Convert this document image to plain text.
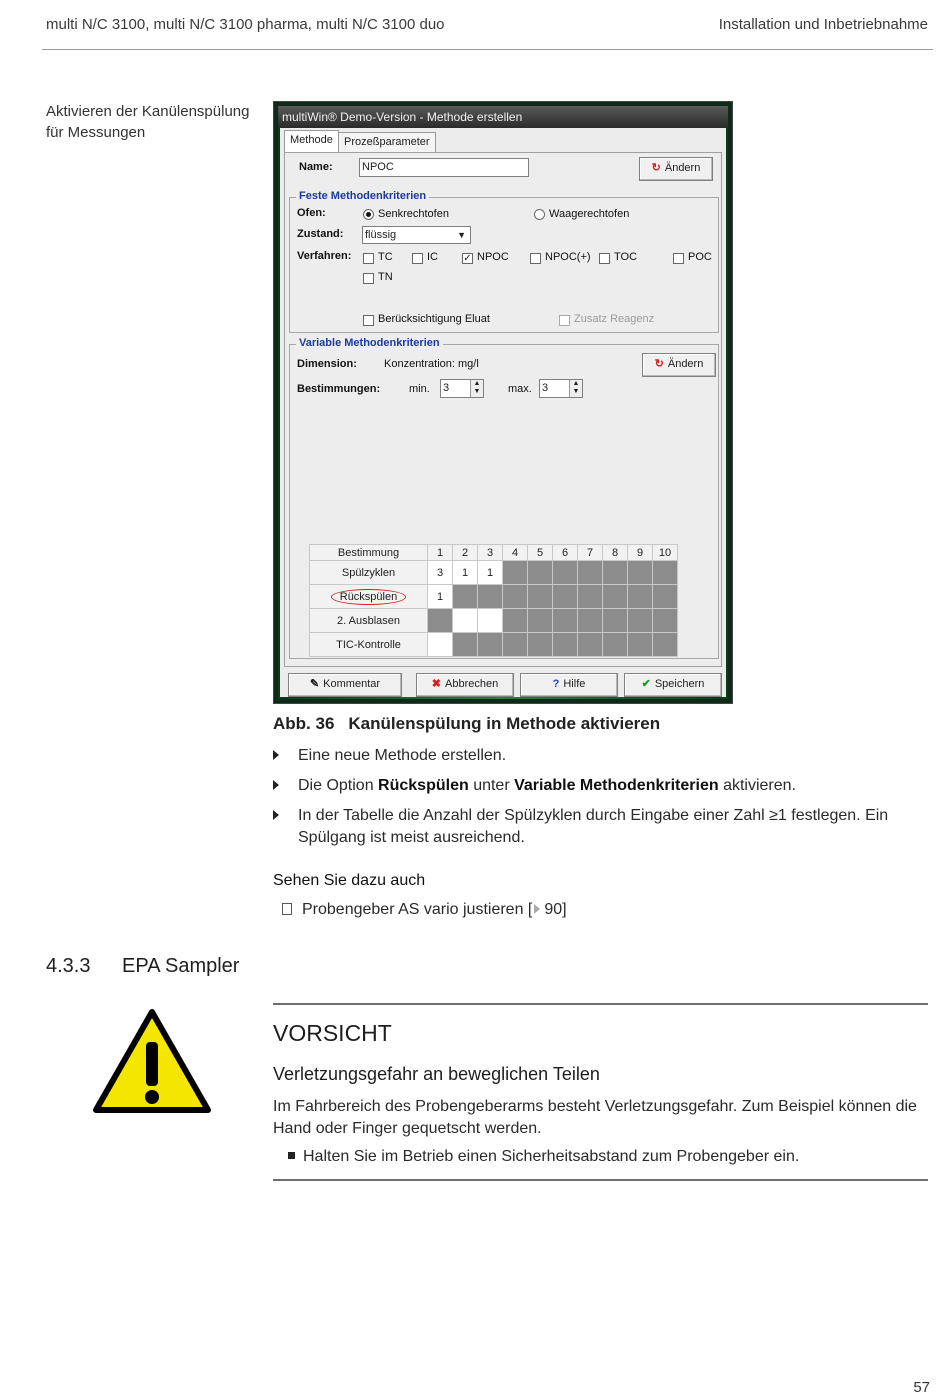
multi N/C 3100, multi N/C 3100 pharma, multi N/C 3100 duo	Installation und Inbetriebnahme
Aktivieren der Kanülenspülung für Messungen
multiWin® Demo-Version - Methode erstellen
Methode	Prozeßparameter
Name:	NPOC	↻ Ändern
Feste Methodenkriterien
Ofen:	Senkrechtofen	Waagerechtofen
Zustand: flüssig	▼
Verfahren: TC	IC	✓ NPOC	NPOC(+) TOC	POC
TN
Berücksichtigung Eluat	Zusatz Reagenz
Variable Methodenkriterien
Dimension: Konzentration: mg/l	↻ Ändern
Bestimmungen:	min. 3	▲
▼	max. 3	▲
▼
Bestimmung	1	2	3	4	5	6	7	8	9	10
Spülzyklen	3	1	1							
Rückspülen	1									
2. Ausblasen										
TIC-Kontrolle										
✎ Kommentar	✖ Abbrechen	? Hilfe	✔ Speichern
Abb. 36 Kanülenspülung in Methode aktivieren
Eine neue Methode erstellen.
Die Option Rückspülen unter Variable Methodenkriterien aktivieren.
In der Tabelle die Anzahl der Spülzyklen durch Eingabe einer Zahl ≥1 festlegen. Ein Spülgang ist meist ausreichend.
Sehen Sie dazu auch
Probengeber AS vario justieren [ 90]
4.3.3 EPA Sampler
VORSICHT
Verletzungsgefahr an beweglichen Teilen
Im Fahrbereich des Probengeberarms besteht Verletzungsgefahr. Zum Beispiel können die Hand oder Finger gequetscht werden.
Halten Sie im Betrieb einen Sicherheitsabstand zum Probengeber ein.
57
